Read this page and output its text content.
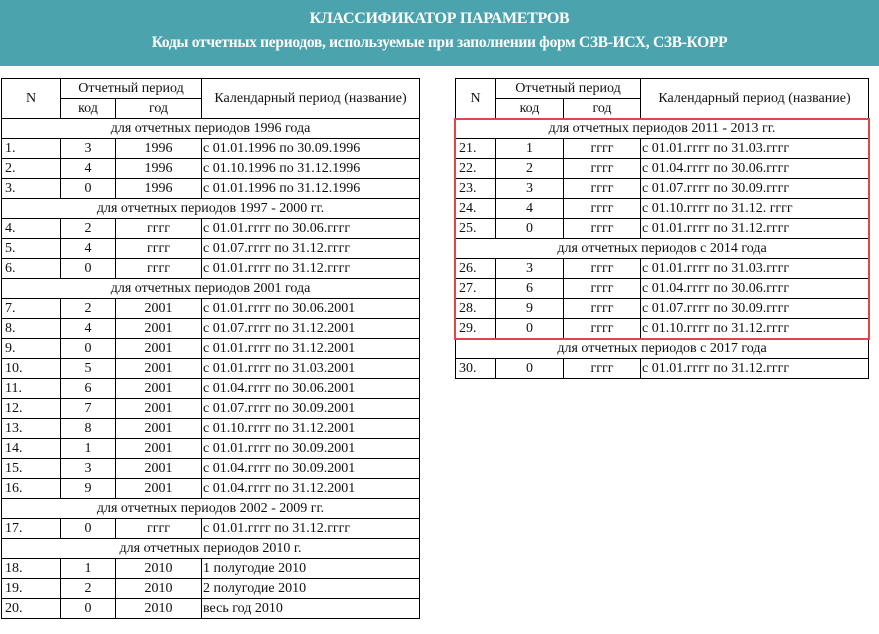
КЛАССИФИКАТОР ПАРАМЕТРОВ
Коды отчетных периодов, используемые при заполнении форм СЗВ-ИСХ, СЗВ-КОРР
N	Отчетный период		Календарный период (название)
	код	год	
для отчетных периодов 1996 года			
1.	3	1996	с 01.01.1996 по 30.09.1996
2.	4	1996	с 01.10.1996 по 31.12.1996
3.	0	1996	с 01.01.1996 по 31.12.1996
для отчетных периодов 1997 - 2000 гг.			
4.	2	гггг	с 01.01.гггг по 30.06.гггг
5.	4	гггг	с 01.07.гггг по 31.12.гггг
6.	0	гггг	с 01.01.гггг по 31.12.гггг
для отчетных периодов 2001 года			
7.	2	2001	с 01.01.гггг по 30.06.2001
8.	4	2001	с 01.07.гггг по 31.12.2001
9.	0	2001	с 01.01.гггг по 31.12.2001
10.	5	2001	с 01.01.гггг по 31.03.2001
11.	6	2001	с 01.04.гггг по 30.06.2001
12.	7	2001	с 01.07.гггг по 30.09.2001
13.	8	2001	с 01.10.гггг по 31.12.2001
14.	1	2001	с 01.01.гггг по 30.09.2001
15.	3	2001	с 01.04.гггг по 30.09.2001
16.	9	2001	с 01.04.гггг по 31.12.2001
для отчетных периодов 2002 - 2009 гг.			
17.	0	гггг	с 01.01.гггг по 31.12.гггг
для отчетных периодов 2010 г.			
18.	1	2010	1 полугодие 2010
19.	2	2010	2 полугодие 2010
20.	0	2010	весь год 2010
N	Отчетный период		Календарный период (название)
	код	год	
для отчетных периодов 2011 - 2013 гг.			
21.	1	гггг	с 01.01.гггг по 31.03.гггг
22.	2	гггг	с 01.04.гггг по 30.06.гггг
23.	3	гггг	с 01.07.гггг по 30.09.гггг
24.	4	гггг	с 01.10.гггг по 31.12. гггг
25.	0	гггг	с 01.01.гггг по 31.12.гггг
для отчетных периодов с 2014 года			
26.	3	гггг	с 01.01.гггг по 31.03.гггг
27.	6	гггг	с 01.04.гггг по 30.06.гггг
28.	9	гггг	с 01.07.гггг по 30.09.гггг
29.	0	гггг	с 01.10.гггг по 31.12.гггг
для отчетных периодов с 2017 года			
30.	0	гггг	с 01.01.гггг по 31.12.гггг
